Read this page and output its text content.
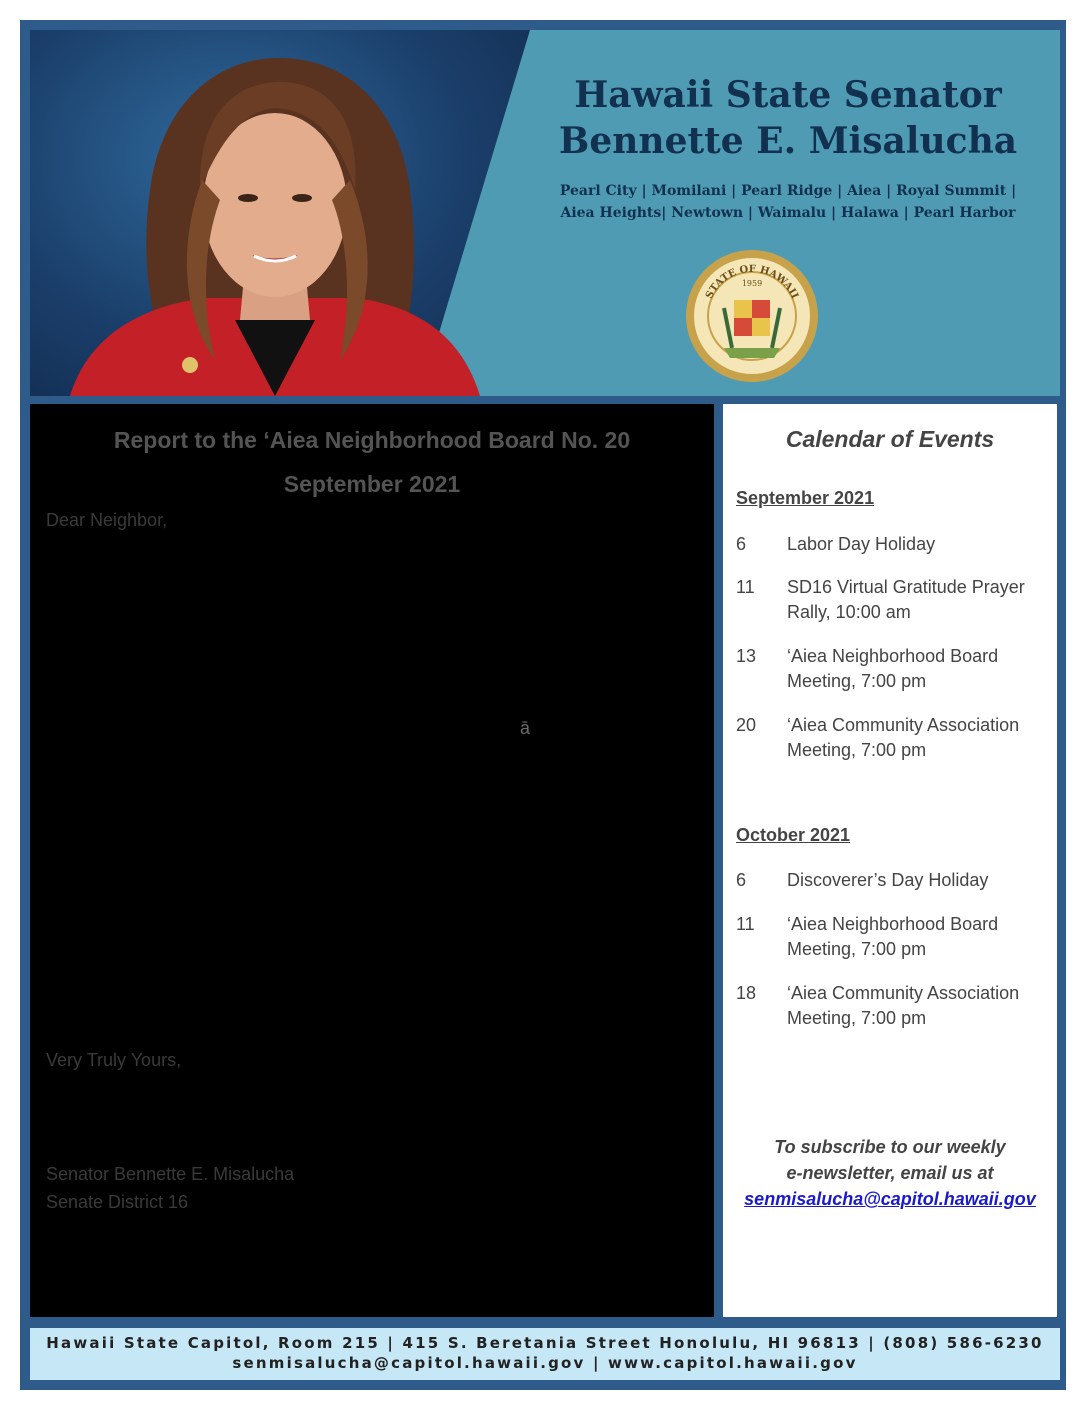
Hawaii State Senator
Bennette E. Misalucha
Pearl City | Momilani | Pearl Ridge | Aiea | Royal Summit |
Aiea Heights| Newtown | Waimalu | Halawa | Pearl Harbor
STATE OF HAWAII
1959
Report to the ‘Aiea Neighborhood Board No. 20
September 2021
Dear Neighbor,
ā
Very Truly Yours,
Senator Bennette E. Misalucha
Senate District 16
Calendar of Events
September 2021
6	Labor Day Holiday
11	SD16 Virtual Gratitude Prayer Rally, 10:00 am
13	‘Aiea Neighborhood Board Meeting, 7:00 pm
20	‘Aiea Community Association Meeting, 7:00 pm
October 2021
6	Discoverer’s Day Holiday
11	‘Aiea Neighborhood Board Meeting, 7:00 pm
18	‘Aiea Community Association Meeting, 7:00 pm
To subscribe to our weekly
e-newsletter, email us at
senmisalucha@capitol.hawaii.gov
Hawaii State Capitol, Room 215 | 415 S. Beretania Street Honolulu, HI 96813 | (808) 586-6230
senmisalucha@capitol.hawaii.gov | www.capitol.hawaii.gov
